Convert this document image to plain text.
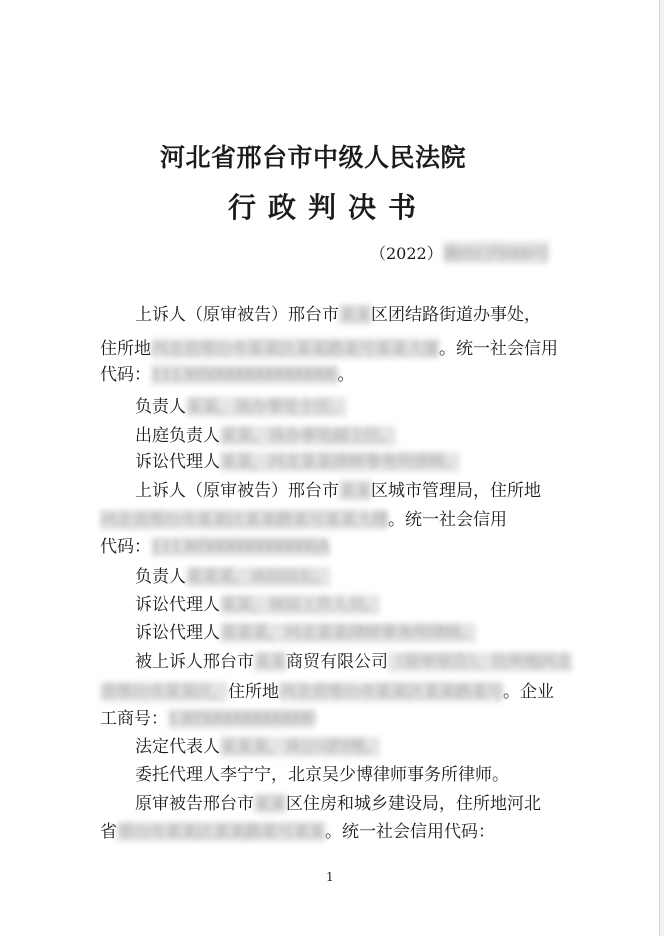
河北省邢台市中级人民法院
行政判决书
（2022）冀05行终000号
上诉人（原审被告）邢台市某某区团结路街道办事处，
住所地河北省邢台市某某区某某路某号某某大厦。统一社会信用
代码：1113050000000000000。
负责人某某，该办事处主任。
出庭负责人某某，该办事处副主任。
诉讼代理人某某，河北某某律师事务所律师。
上诉人（原审被告）邢台市某某区城市管理局，住所地
河北省邢台市某某区某某路某号某某大楼。统一社会信用
代码：11130500000000000A
负责人某某某，该局局长。
诉讼代理人某某，该局工作人员。
诉讼代理人某某某，河北某某律师事务所律师。
被上诉人邢台市某某商贸有限公司（原审原告），住所地河北
省邢台市某某区，住所地河北省邢台市某某区某某路某号。企业
工商号：130500000000000
法定代表人某某某，该公司经理。
委托代理人李宁宁，北京吴少博律师事务所律师。
原审被告邢台市某某区住房和城乡建设局，住所地河北
省邢台市某某区某某路某号某某。统一社会信用代码：
1
